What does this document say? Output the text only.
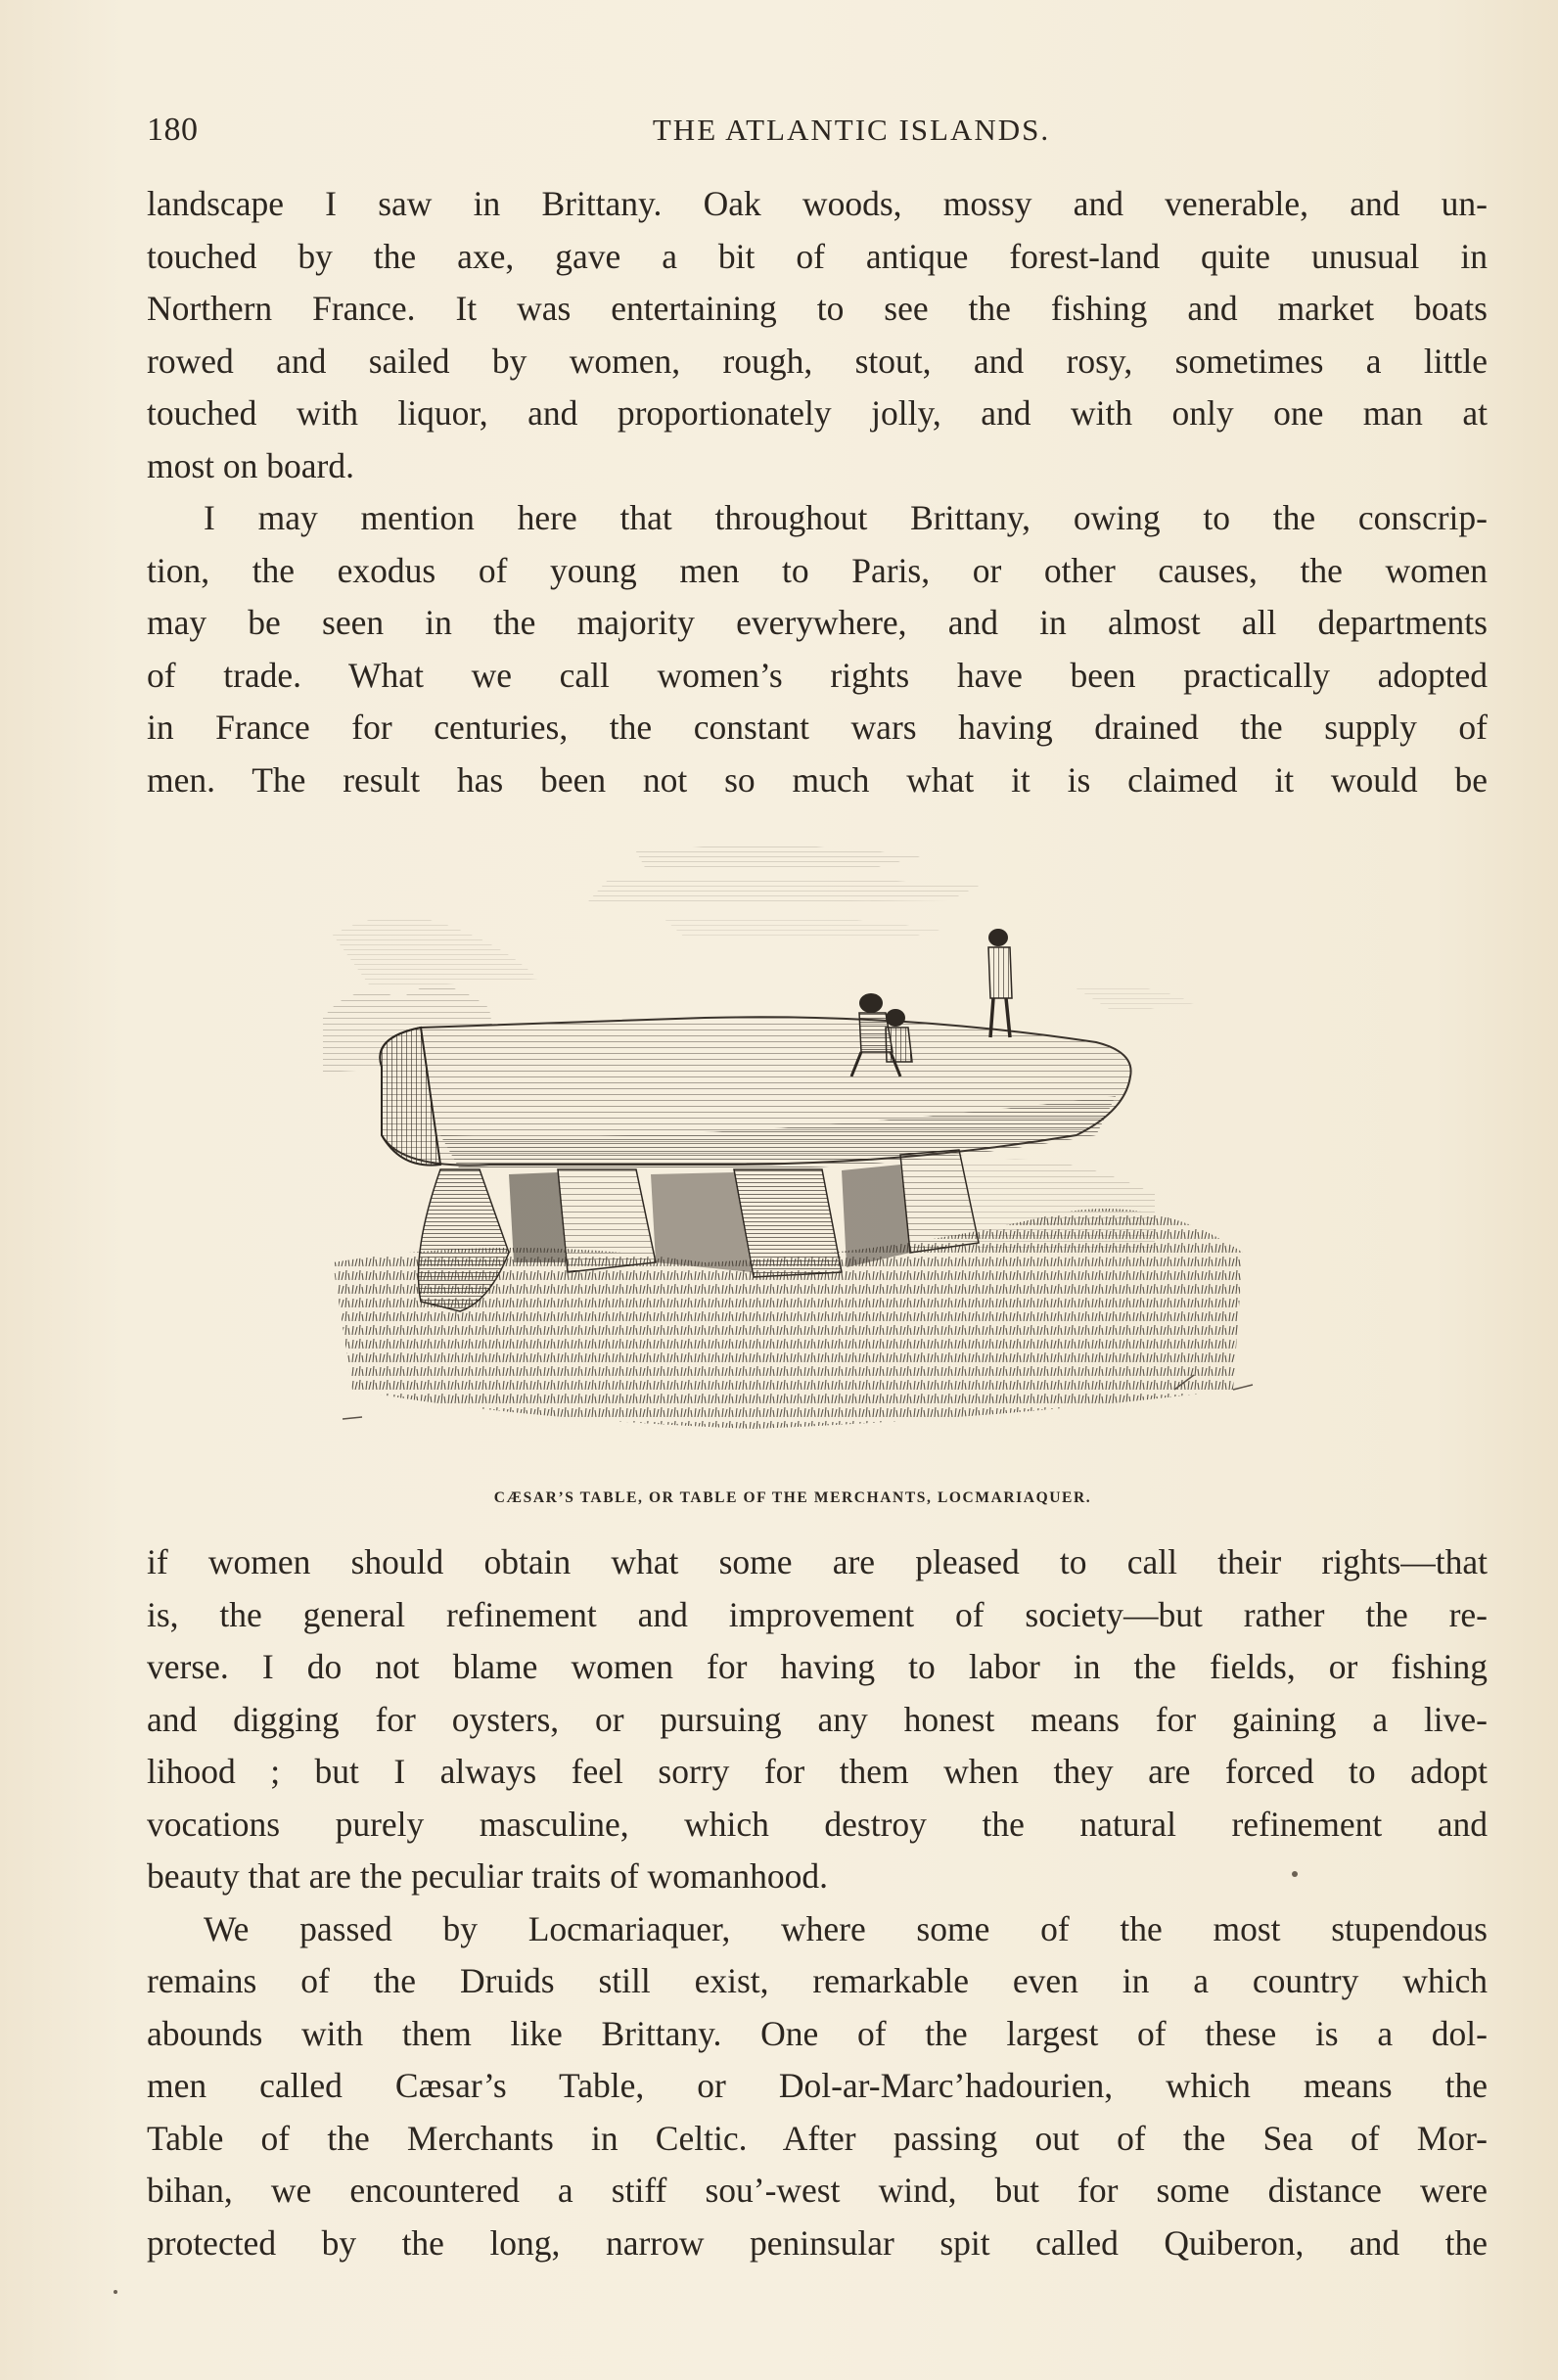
180	THE ATLANTIC ISLANDS.
landscape I saw in Brittany. Oak woods, mossy and venerable, and un-
touched by the axe, gave a bit of antique forest-land quite unusual in
Northern France. It was entertaining to see the fishing and market boats
rowed and sailed by women, rough, stout, and rosy, sometimes a little
touched with liquor, and proportionately jolly, and with only one man at
most on board.
I may mention here that throughout Brittany, owing to the conscrip-
tion, the exodus of young men to Paris, or other causes, the women
may be seen in the majority everywhere, and in almost all departments
of trade. What we call women’s rights have been practically adopted
in France for centuries, the constant wars having drained the supply of
men. The result has been not so much what it is claimed it would be
CÆSAR’S TABLE, OR TABLE OF THE MERCHANTS, LOCMARIAQUER.
if women should obtain what some are pleased to call their rights—that
is, the general refinement and improvement of society—but rather the re-
verse. I do not blame women for having to labor in the fields, or fishing
and digging for oysters, or pursuing any honest means for gaining a live-
lihood ; but I always feel sorry for them when they are forced to adopt
vocations purely masculine, which destroy the natural refinement and
beauty that are the peculiar traits of womanhood.
We passed by Locmariaquer, where some of the most stupendous
remains of the Druids still exist, remarkable even in a country which
abounds with them like Brittany. One of the largest of these is a dol-
men called Cæsar’s Table, or Dol-ar-Marc’hadourien, which means the
Table of the Merchants in Celtic. After passing out of the Sea of Mor-
bihan, we encountered a stiff sou’-west wind, but for some distance were
protected by the long, narrow peninsular spit called Quiberon, and the
